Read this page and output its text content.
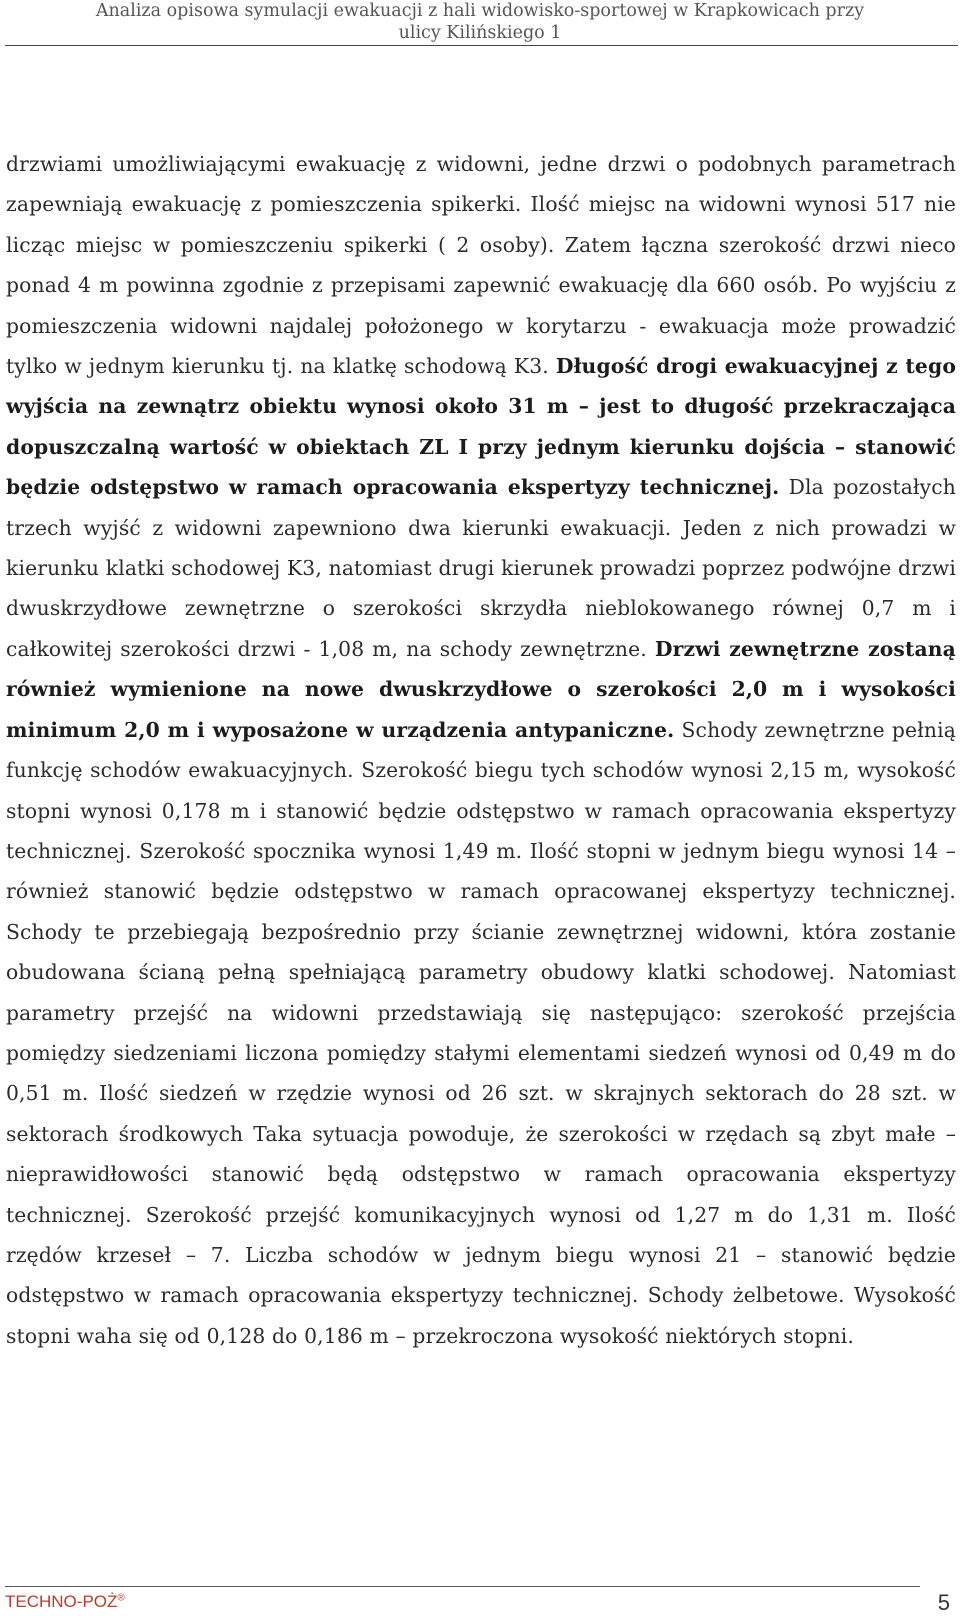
Analiza opisowa symulacji ewakuacji z hali widowisko-sportowej w Krapkowicach przy
ulicy Kilińskiego 1
drzwiami umożliwiającymi ewakuację z widowni, jedne drzwi o podobnych parametrach zapewniają ewakuację z pomieszczenia spikerki. Ilość miejsc na widowni wynosi 517 nie licząc miejsc w pomieszczeniu spikerki ( 2 osoby). Zatem łączna szerokość drzwi nieco ponad 4 m powinna zgodnie z przepisami zapewnić ewakuację dla 660 osób. Po wyjściu z pomieszczenia widowni najdalej położonego w korytarzu - ewakuacja może prowadzić tylko w jednym kierunku tj. na klatkę schodową K3. Długość drogi ewakuacyjnej z tego wyjścia na zewnątrz obiektu wynosi około 31 m – jest to długość przekraczająca dopuszczalną wartość w obiektach ZL I przy jednym kierunku dojścia – stanowić będzie odstępstwo w ramach opracowania ekspertyzy technicznej. Dla pozostałych trzech wyjść z widowni zapewniono dwa kierunki ewakuacji. Jeden z nich prowadzi w kierunku klatki schodowej K3, natomiast drugi kierunek prowadzi poprzez podwójne drzwi dwuskrzydłowe zewnętrzne o szerokości skrzydła nieblokowanego równej 0,7 m i całkowitej szerokości drzwi - 1,08 m, na schody zewnętrzne. Drzwi zewnętrzne zostaną również wymienione na nowe dwuskrzydłowe o szerokości 2,0 m i wysokości minimum 2,0 m i wyposażone w urządzenia antypaniczne. Schody zewnętrzne pełnią funkcję schodów ewakuacyjnych. Szerokość biegu tych schodów wynosi 2,15 m, wysokość stopni wynosi 0,178 m i stanowić będzie odstępstwo w ramach opracowania ekspertyzy technicznej. Szerokość spocznika wynosi 1,49 m. Ilość stopni w jednym biegu wynosi 14 – również stanowić będzie odstępstwo w ramach opracowanej ekspertyzy technicznej. Schody te przebiegają bezpośrednio przy ścianie zewnętrznej widowni, która zostanie obudowana ścianą pełną spełniającą parametry obudowy klatki schodowej. Natomiast parametry przejść na widowni przedstawiają się następująco: szerokość przejścia pomiędzy siedzeniami liczona pomiędzy stałymi elementami siedzeń wynosi od 0,49 m do 0,51 m. Ilość siedzeń w rzędzie wynosi od 26 szt. w skrajnych sektorach do 28 szt. w sektorach środkowych Taka sytuacja powoduje, że szerokości w rzędach są zbyt małe – nieprawidłowości stanowić będą odstępstwo w ramach opracowania ekspertyzy technicznej. Szerokość przejść komunikacyjnych wynosi od 1,27 m do 1,31 m. Ilość rzędów krzeseł – 7. Liczba schodów w jednym biegu wynosi 21 – stanowić będzie odstępstwo w ramach opracowania ekspertyzy technicznej. Schody żelbetowe. Wysokość stopni waha się od 0,128 do 0,186 m – przekroczona wysokość niektórych stopni.
TECHNO-POŻ®	5
